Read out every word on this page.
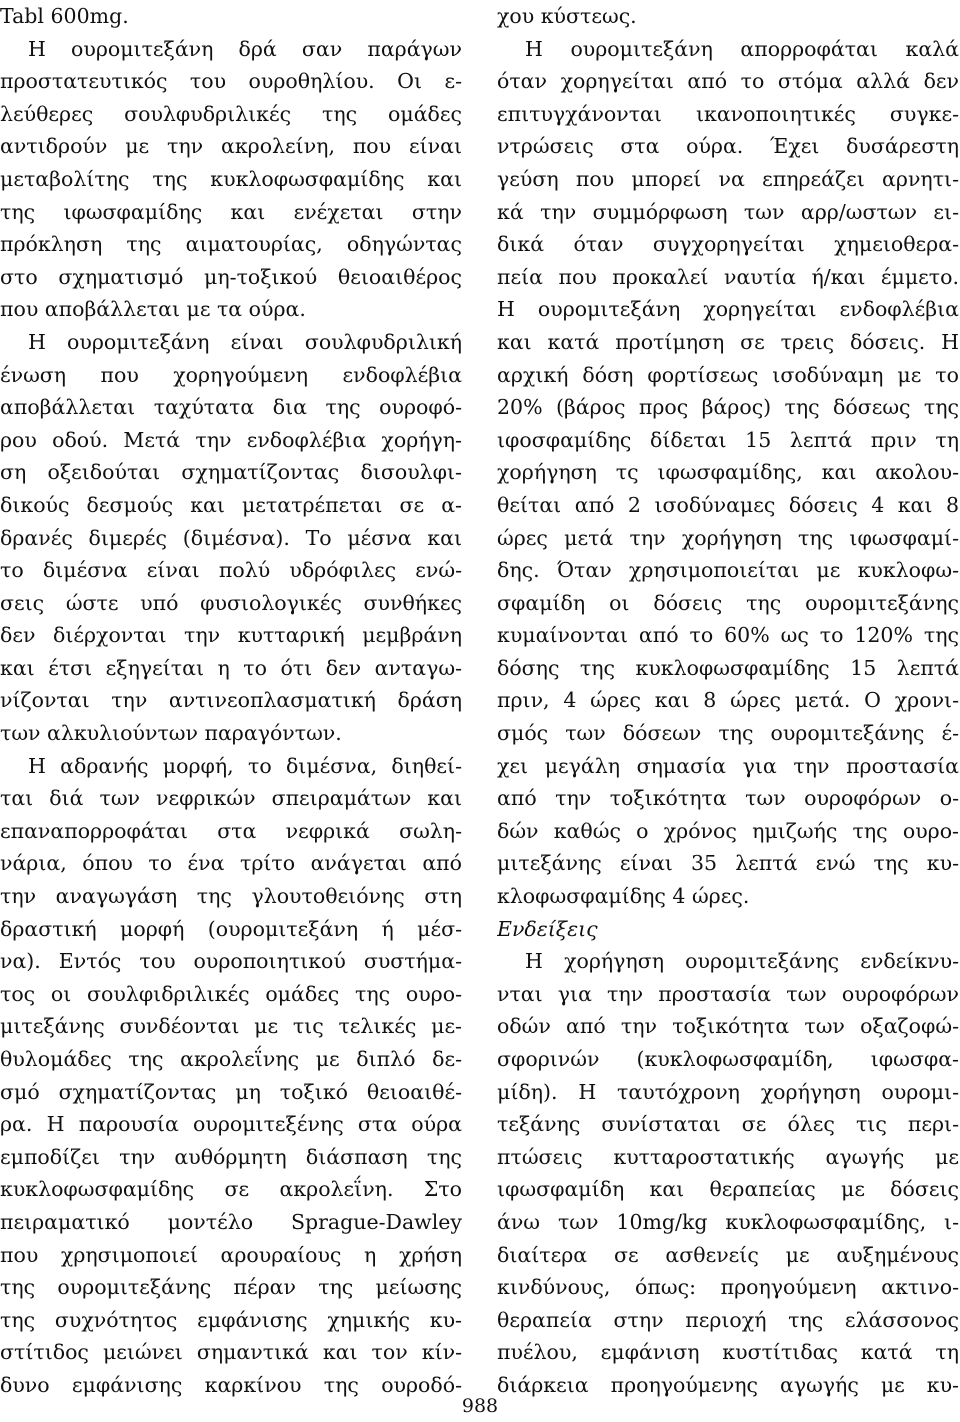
Tabl 600mg.
Η ουρομιτεξάνη δρά σαν παράγων
προστατευτικός του ουροθηλίου. Οι ε-
λεύθερες σουλφυδριλικές της ομάδες
αντιδρούν με την ακρολείνη, που είναι
μεταβολίτης της κυκλοφωσφαμίδης και
της ιφωσφαμίδης και ενέχεται στην
πρόκληση της αιματουρίας, οδηγώντας
στο σχηματισμό μη-τοξικού θειοαιθέρος
που αποβάλλεται με τα ούρα.
Η ουρομιτεξάνη είναι σουλφυδριλική
ένωση που χορηγούμενη ενδοφλέβια
αποβάλλεται ταχύτατα δια της ουροφό-
ρου οδού. Μετά την ενδοφλέβια χορήγη-
ση οξειδούται σχηματίζοντας δισουλφι-
δικούς δεσμούς και μετατρέπεται σε α-
δρανές διμερές (διμέσνα). Το μέσνα και
το διμέσνα είναι πολύ υδρόφιλες ενώ-
σεις ώστε υπό φυσιολογικές συνθήκες
δεν διέρχονται την κυτταρική μεμβράνη
και έτσι εξηγείται η το ότι δεν ανταγω-
νίζονται την αντινεοπλασματική δράση
των αλκυλιούντων παραγόντων.
Η αδρανής μορφή, το διμέσνα, διηθεί-
ται διά των νεφρικών σπειραμάτων και
επαναπορροφάται στα νεφρικά σωλη-
νάρια, όπου το ένα τρίτο ανάγεται από
την αναγωγάση της γλουτοθειόνης στη
δραστική μορφή (ουρομιτεξάνη ή μέσ-
να). Εντός του ουροποιητικού συστήμα-
τος οι σουλφιδριλικές ομάδες της ουρο-
μιτεξάνης συνδέονται με τις τελικές με-
θυλομάδες της ακρολεΐνης με διπλό δε-
σμό σχηματίζοντας μη τοξικό θειοαιθέ-
ρα. Η παρουσία ουρομιτεξένης στα ούρα
εμποδίζει την αυθόρμητη διάσπαση της
κυκλοφωσφαμίδης σε ακρολεΐνη. Στο
πειραματικό μοντέλο Sprague-Dawley
που χρησιμοποιεί αρουραίους η χρήση
της ουρομιτεξάνης πέραν της μείωσης
της συχνότητος εμφάνισης χημικής κυ-
στίτιδος μειώνει σημαντικά και τον κίν-
δυνο εμφάνισης καρκίνου της ουροδό-
χου κύστεως.
Η ουρομιτεξάνη απορροφάται καλά
όταν χορηγείται από το στόμα αλλά δεν
επιτυγχάνονται ικανοποιητικές συγκε-
ντρώσεις στα ούρα. Έχει δυσάρεστη
γεύση που μπορεί να επηρεάζει αρνητι-
κά την συμμόρφωση των αρρ/ωστων ει-
δικά όταν συγχορηγείται χημειοθερα-
πεία που προκαλεί ναυτία ή/και έμμετο.
Η ουρομιτεξάνη χορηγείται ενδοφλέβια
και κατά προτίμηση σε τρεις δόσεις. Η
αρχική δόση φορτίσεως ισοδύναμη με το
20% (βάρος προς βάρος) της δόσεως της
ιφοσφαμίδης δίδεται 15 λεπτά πριν τη
χορήγηση τς ιφωσφαμίδης, και ακολου-
θείται από 2 ισοδύναμες δόσεις 4 και 8
ώρες μετά την χορήγηση της ιφωσφαμί-
δης. Όταν χρησιμοποιείται με κυκλοφω-
σφαμίδη οι δόσεις της ουρομιτεξάνης
κυμαίνονται από το 60% ως το 120% της
δόσης της κυκλοφωσφαμίδης 15 λεπτά
πριν, 4 ώρες και 8 ώρες μετά. Ο χρονι-
σμός των δόσεων της ουρομιτεξάνης έ-
χει μεγάλη σημασία για την προστασία
από την τοξικότητα των ουροφόρων ο-
δών καθώς ο χρόνος ημιζωής της ουρο-
μιτεξάνης είναι 35 λεπτά ενώ της κυ-
κλοφωσφαμίδης 4 ώρες.
Ενδείξεις
Η χορήγηση ουρομιτεξάνης ενδείκνυ-
νται για την προστασία των ουροφόρων
οδών από την τοξικότητα των οξαζοφώ-
σφορινών (κυκλοφωσφαμίδη, ιφωσφα-
μίδη). Η ταυτόχρονη χορήγηση ουρομι-
τεξάνης συνίσταται σε όλες τις περι-
πτώσεις κυτταροστατικής αγωγής με
ιφωσφαμίδη και θεραπείας με δόσεις
άνω των 10mg/kg κυκλοφωσφαμίδης, ι-
διαίτερα σε ασθενείς με αυξημένους
κινδύνους, όπως: προηγούμενη ακτινο-
θεραπεία στην περιοχή της ελάσσονος
πυέλου, εμφάνιση κυστίτιδας κατά τη
διάρκεια προηγούμενης αγωγής με κυ-
988
